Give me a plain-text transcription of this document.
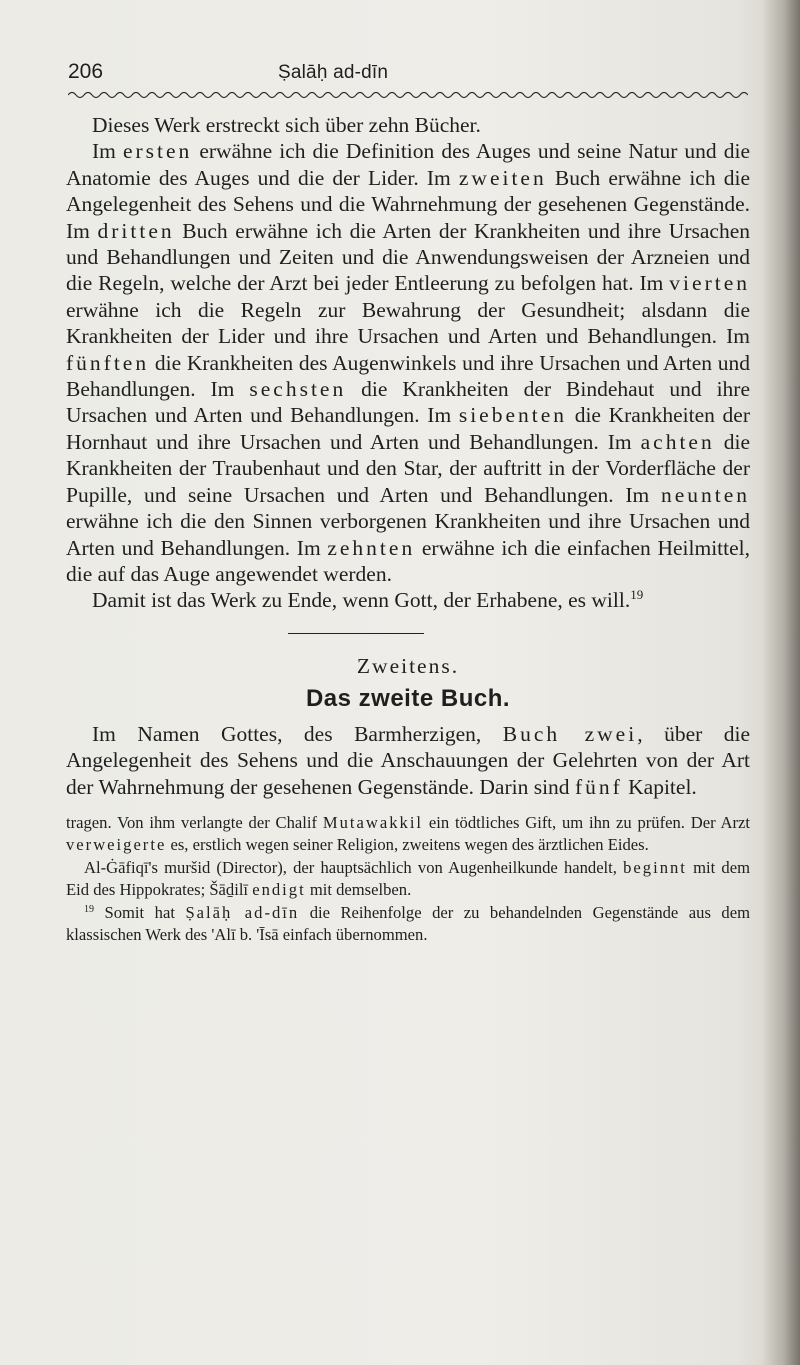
206	Ṣalāḥ ad-dīn

Dieses Werk erstreckt sich über zehn Bücher.

Im ersten erwähne ich die Definition des Auges und seine Natur und die Anatomie des Auges und die der Lider. Im zweiten Buch erwähne ich die Angelegenheit des Sehens und die Wahrnehmung der gesehenen Gegenstände. Im dritten Buch erwähne ich die Arten der Krankheiten und ihre Ursachen und Behandlungen und Zeiten und die Anwendungsweisen der Arzneien und die Regeln, welche der Arzt bei jeder Entleerung zu befolgen hat. Im vierten erwähne ich die Regeln zur Bewahrung der Gesundheit; alsdann die Krankheiten der Lider und ihre Ursachen und Arten und Behandlungen. Im fünften die Krankheiten des Augenwinkels und ihre Ursachen und Arten und Behandlungen. Im sechsten die Krankheiten der Bindehaut und ihre Ursachen und Arten und Behandlungen. Im siebenten die Krankheiten der Hornhaut und ihre Ursachen und Arten und Behandlungen. Im achten die Krankheiten der Traubenhaut und den Star, der auftritt in der Vorderfläche der Pupille, und seine Ursachen und Arten und Behandlungen. Im neunten erwähne ich die den Sinnen verborgenen Krankheiten und ihre Ursachen und Arten und Behandlungen. Im zehnten erwähne ich die einfachen Heilmittel, die auf das Auge angewendet werden.

Damit ist das Werk zu Ende, wenn Gott, der Erhabene, es will.$^{19}$

Zweitens.
Das zweite Buch.

Im Namen Gottes, des Barmherzigen, Buch zwei, über die Angelegenheit des Sehens und die Anschauungen der Gelehrten von der Art der Wahrnehmung der gesehenen Gegenstände. Darin sind fünf Kapitel.

tragen. Von ihm verlangte der Chalif Mutawakkil ein tödtliches Gift, um ihn zu prüfen. Der Arzt verweigerte es, erstlich wegen seiner Religion, zweitens wegen des ärztlichen Eides.

Al-Ġāfiqī's muršid (Director), der hauptsächlich von Augenheilkunde handelt, beginnt mit dem Eid des Hippokrates; Šāḏilī endigt mit demselben.

$^{19}$ Somit hat Ṣalāḥ ad-dīn die Reihenfolge der zu behandelnden Gegenstände aus dem klassischen Werk des 'Alī b. 'Īsā einfach übernommen.
